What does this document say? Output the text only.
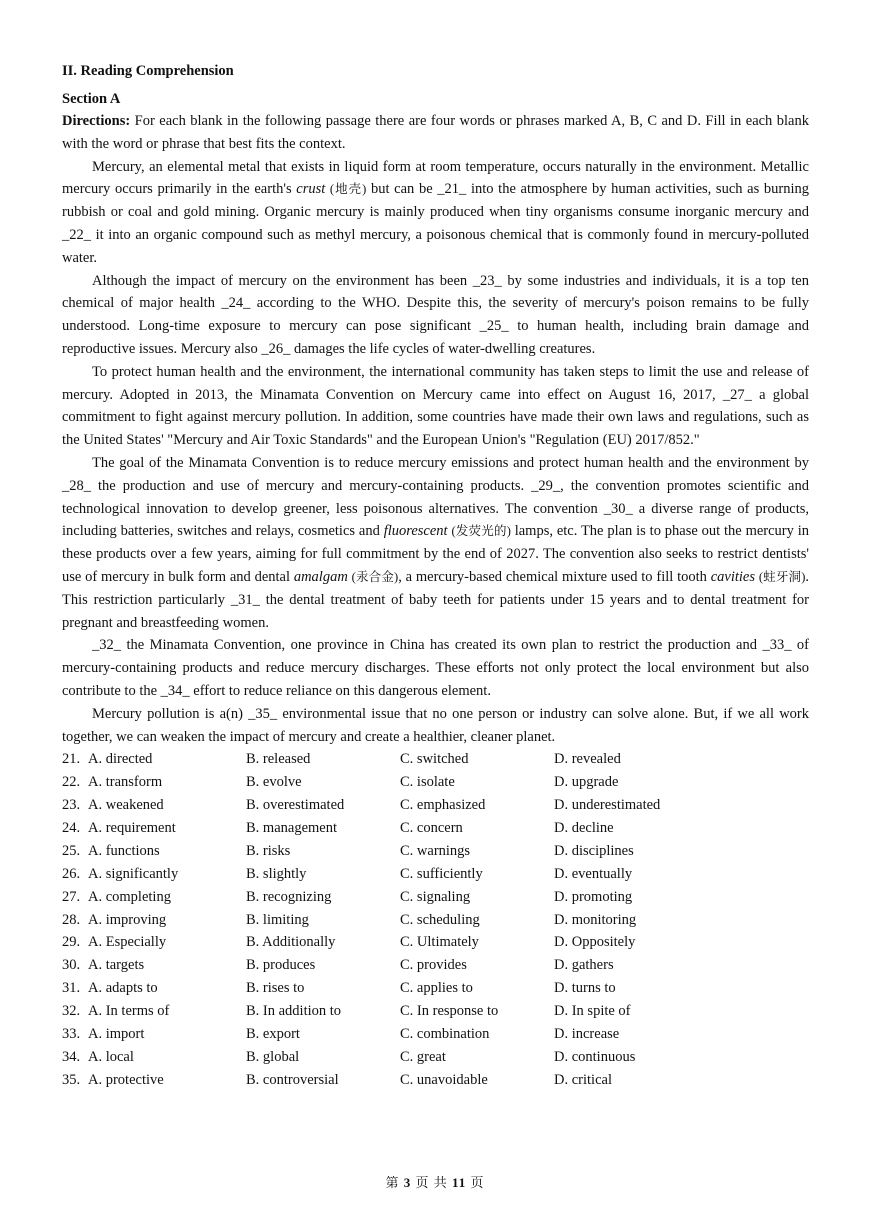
II. Reading Comprehension
Section A

Directions: For each blank in the following passage there are four words or phrases marked A, B, C and D. Fill in each blank with the word or phrase that best fits the context.

Mercury, an elemental metal that exists in liquid form at room temperature, occurs naturally in the environment. Metallic mercury occurs primarily in the earth's crust (地壳) but can be _21_ into the atmosphere by human activities, such as burning rubbish or coal and gold mining. Organic mercury is mainly produced when tiny organisms consume inorganic mercury and _22_ it into an organic compound such as methyl mercury, a poisonous chemical that is commonly found in mercury-polluted water.

Although the impact of mercury on the environment has been _23_ by some industries and individuals, it is a top ten chemical of major health _24_ according to the WHO. Despite this, the severity of mercury's poison remains to be fully understood. Long-time exposure to mercury can pose significant _25_ to human health, including brain damage and reproductive issues. Mercury also _26_ damages the life cycles of water-dwelling creatures.

To protect human health and the environment, the international community has taken steps to limit the use and release of mercury. Adopted in 2013, the Minamata Convention on Mercury came into effect on August 16, 2017, _27_ a global commitment to fight against mercury pollution. In addition, some countries have made their own laws and regulations, such as the United States' "Mercury and Air Toxic Standards" and the European Union's "Regulation (EU) 2017/852."

The goal of the Minamata Convention is to reduce mercury emissions and protect human health and the environment by _28_ the production and use of mercury and mercury-containing products. _29_, the convention promotes scientific and technological innovation to develop greener, less poisonous alternatives. The convention _30_ a diverse range of products, including batteries, switches and relays, cosmetics and fluorescent (发荧光的) lamps, etc. The plan is to phase out the mercury in these products over a few years, aiming for full commitment by the end of 2027. The convention also seeks to restrict dentists' use of mercury in bulk form and dental amalgam (汞合金), a mercury-based chemical mixture used to fill tooth cavities (蛀牙洞). This restriction particularly _31_ the dental treatment of baby teeth for patients under 15 years and to dental treatment for pregnant and breastfeeding women.

_32_ the Minamata Convention, one province in China has created its own plan to restrict the production and _33_ of mercury-containing products and reduce mercury discharges. These efforts not only protect the local environment but also contribute to the _34_ effort to reduce reliance on this dangerous element.

Mercury pollution is a(n) _35_ environmental issue that no one person or industry can solve alone. But, if we all work together, we can weaken the impact of mercury and create a healthier, cleaner planet.

21. A. directed	B. released	C. switched	D. revealed
22. A. transform	B. evolve	C. isolate	D. upgrade
23. A. weakened	B. overestimated	C. emphasized	D. underestimated
24. A. requirement	B. management	C. concern	D. decline
25. A. functions	B. risks	C. warnings	D. disciplines
26. A. significantly	B. slightly	C. sufficiently	D. eventually
27. A. completing	B. recognizing	C. signaling	D. promoting
28. A. improving	B. limiting	C. scheduling	D. monitoring
29. A. Especially	B. Additionally	C. Ultimately	D. Oppositely
30. A. targets	B. produces	C. provides	D. gathers
31. A. adapts to	B. rises to	C. applies to	D. turns to
32. A. In terms of	B. In addition to	C. In response to	D. In spite of
33. A. import	B. export	C. combination	D. increase
34. A. local	B. global	C. great	D. continuous
35. A. protective	B. controversial	C. unavoidable	D. critical
第 3 页 共 11 页
